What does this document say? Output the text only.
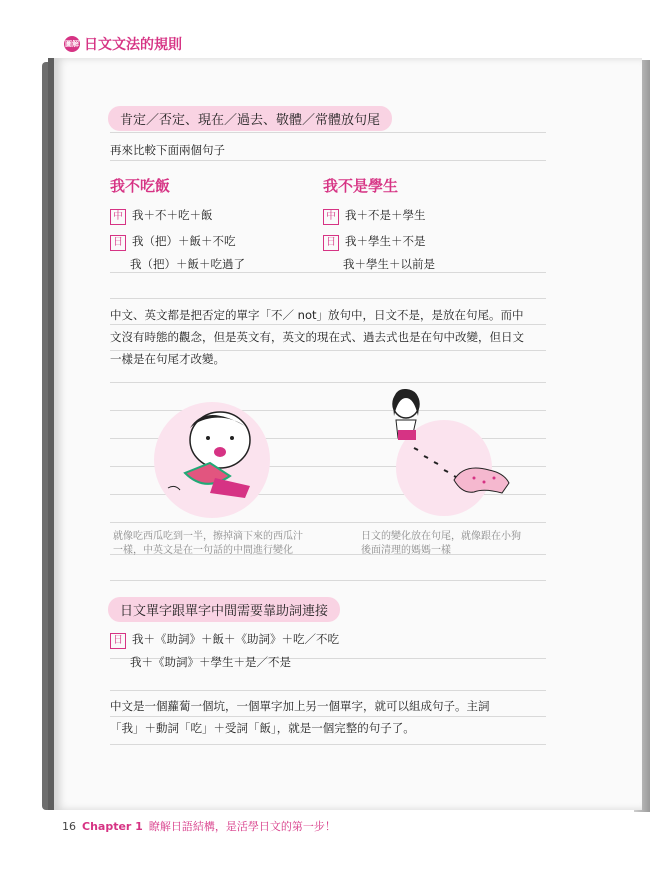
圖解 日文文法的規則
肯定／否定、現在／過去、敬體／常體放句尾
再來比較下面兩個句子
我不吃飯
中 我＋不＋吃＋飯
日 我（把）＋飯＋不吃
我（把）＋飯＋吃過了
我不是學生
中 我＋不是＋學生
日 我＋學生＋不是
我＋學生＋以前是
中文、英文都是把否定的單字「不／ not」放句中，日文不是，是放在句尾。而中
文沒有時態的觀念，但是英文有，英文的現在式、過去式也是在句中改變，但日文
一樣是在句尾才改變。
就像吃西瓜吃到一半，擦掉滴下來的西瓜汁
一樣，中英文是在一句話的中間進行變化
日文的變化放在句尾，就像跟在小狗
後面清理的媽媽一樣
日文單字跟單字中間需要靠助詞連接
日 我＋《助詞》＋飯＋《助詞》＋吃／不吃
我＋《助詞》＋學生＋是／不是
中文是一個蘿蔔一個坑，一個單字加上另一個單字，就可以組成句子。主詞
「我」＋動詞「吃」＋受詞「飯」，就是一個完整的句子了。
16 Chapter 1 瞭解日語結構，是活學日文的第一步！
